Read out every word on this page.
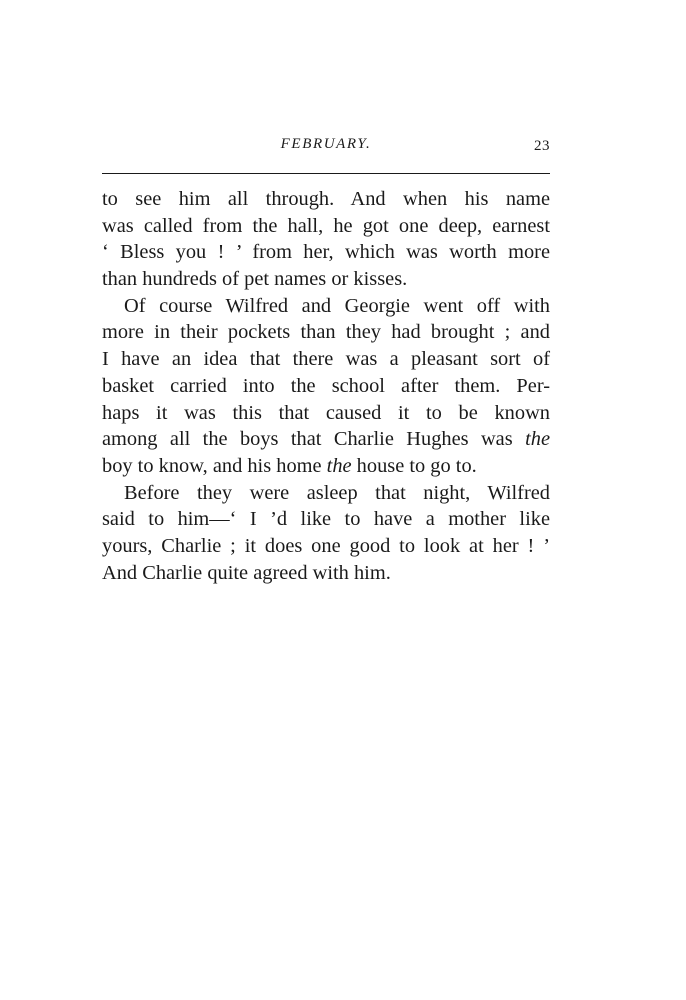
FEBRUARY.	23
to see him all through. And when his name
was called from the hall, he got one deep, earnest
‘ Bless you ! ’ from her, which was worth more
than hundreds of pet names or kisses.
Of course Wilfred and Georgie went off with
more in their pockets than they had brought ; and
I have an idea that there was a pleasant sort of
basket carried into the school after them. Per-
haps it was this that caused it to be known
among all the boys that Charlie Hughes was the
boy to know, and his home the house to go to.
Before they were asleep that night, Wilfred
said to him—‘ I ’d like to have a mother like
yours, Charlie ; it does one good to look at her ! ’
And Charlie quite agreed with him.
